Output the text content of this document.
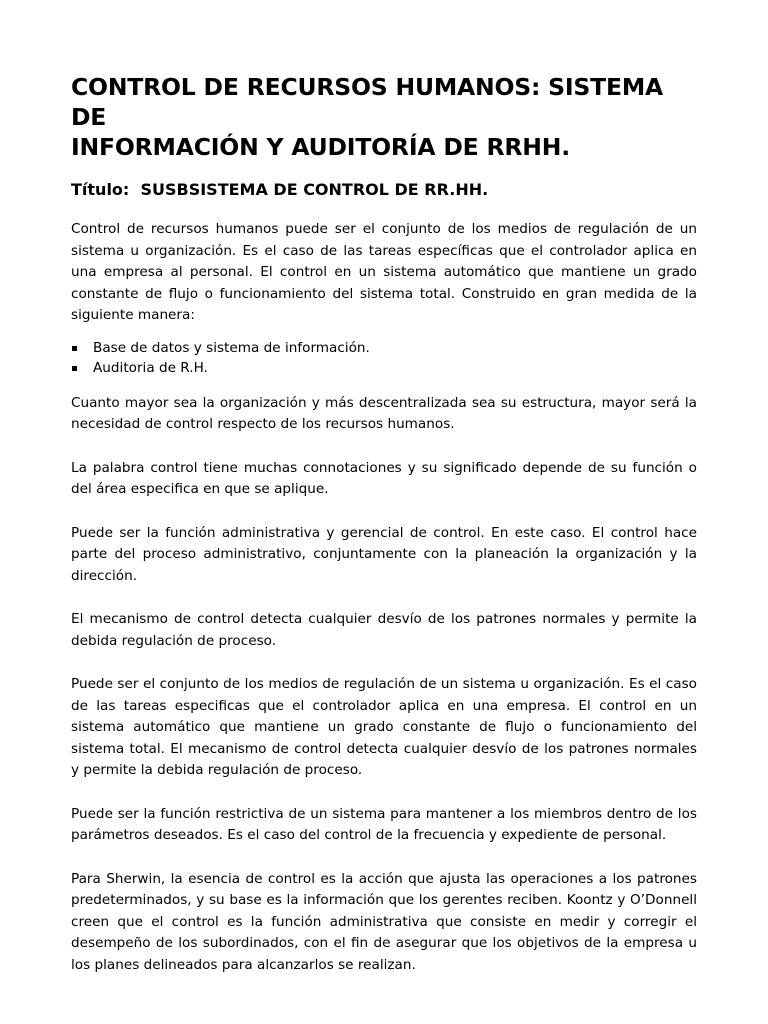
CONTROL DE RECURSOS HUMANOS: SISTEMA DE
INFORMACIÓN Y AUDITORÍA DE RRHH.
Título: SUSBSISTEMA DE CONTROL DE RR.HH.

Control de recursos humanos puede ser el conjunto de los medios de regulación de un sistema u organización. Es el caso de las tareas específicas que el controlador aplica en una empresa al personal. El control en un sistema automático que mantiene un grado constante de flujo o funcionamiento del sistema total. Construido en gran medida de la siguiente manera:

Base de datos y sistema de información.
Auditoria de R.H.

Cuanto mayor sea la organización y más descentralizada sea su estructura, mayor será la necesidad de control respecto de los recursos humanos.

La palabra control tiene muchas connotaciones y su significado depende de su función o del área especifica en que se aplique.

Puede ser la función administrativa y gerencial de control. En este caso. El control hace parte del proceso administrativo, conjuntamente con la planeación la organización y la dirección.

El mecanismo de control detecta cualquier desvío de los patrones normales y permite la debida regulación de proceso.

Puede ser el conjunto de los medios de regulación de un sistema u organización. Es el caso de las tareas especificas que el controlador aplica en una empresa. El control en un sistema automático que mantiene un grado constante de flujo o funcionamiento del sistema total. El mecanismo de control detecta cualquier desvío de los patrones normales y permite la debida regulación de proceso.

Puede ser la función restrictiva de un sistema para mantener a los miembros dentro de los parámetros deseados. Es el caso del control de la frecuencia y expediente de personal.

Para Sherwin, la esencia de control es la acción que ajusta las operaciones a los patrones predeterminados, y su base es la información que los gerentes reciben. Koontz y O’Donnell creen que el control es la función administrativa que consiste en medir y corregir el desempeño de los subordinados, con el fin de asegurar que los objetivos de la empresa u los planes delineados para alcanzarlos se realizan.
